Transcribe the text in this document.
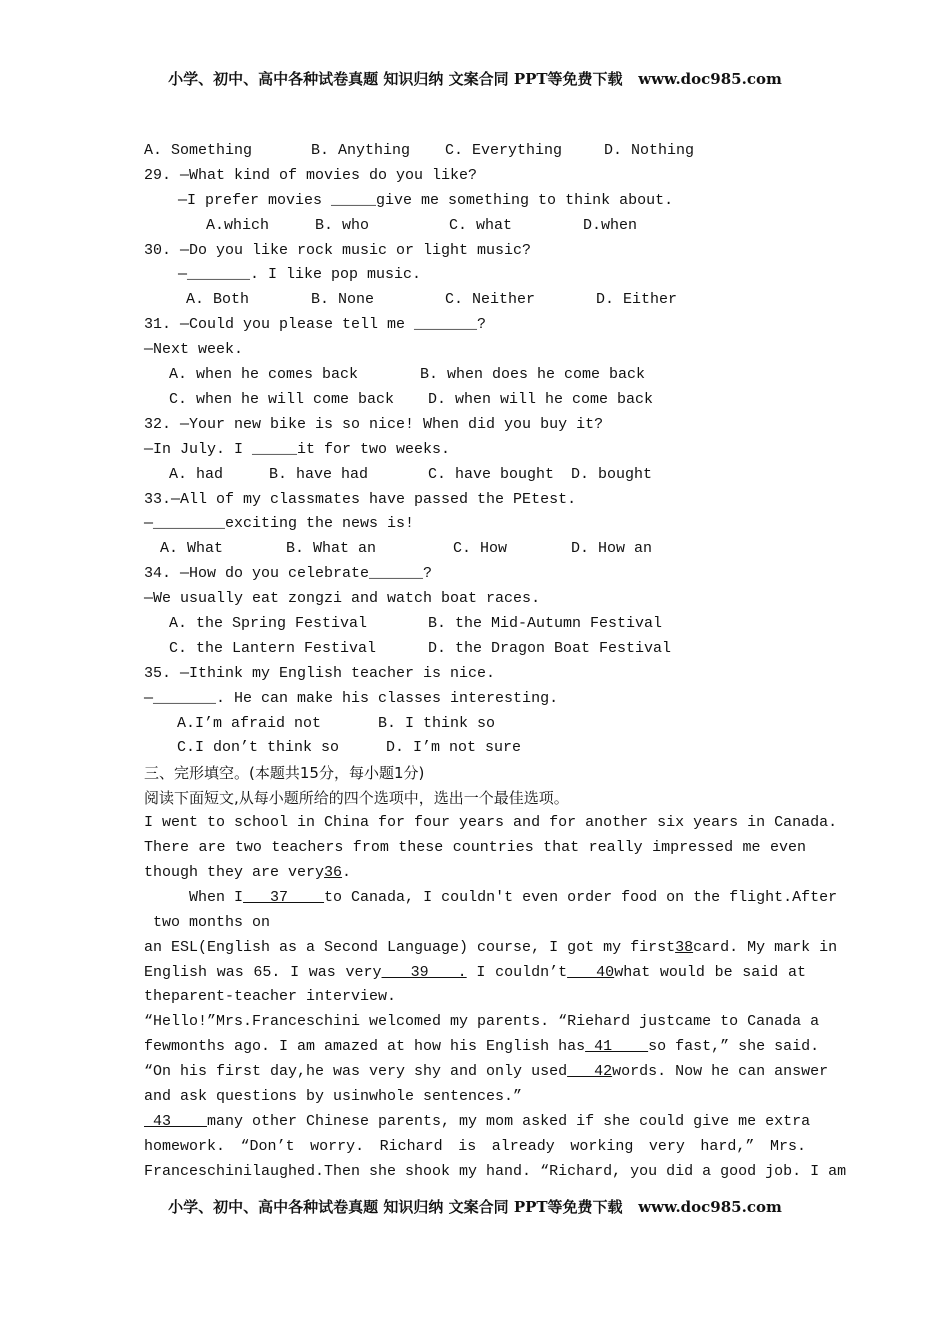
小学、初中、高中各种试卷真题 知识归纳 文案合同 PPT等免费下载   www.doc985.com
A. Something	B. Anything C. Everything	D. Nothing
29. —What kind of movies do you like?
—I prefer movies _____give me something to think about.
A.which	B. who	C. what	D.when
30. —Do you like rock music or light music?
—_______. I like pop music.
A. Both	B. None	C. Neither	D. Either
31. —Could you please tell me _______?
—Next week.
A. when he comes back	B. when does he come back
C. when he will come back D. when will he come back
32. —Your new bike is so nice! When did you buy it?
—In July. I _____it for two weeks.
A. had	B. have had	C. have bought D. bought
33.—All of my classmates have passed the PEtest.
—________exciting the news is!
A. What	B. What an	C. How	D. How an
34. —How do you celebrate______?
—We usually eat zongzi and watch boat races.
A. the Spring Festival	B. the Mid-Autumn Festival
C. the Lantern Festival	D. the Dragon Boat Festival
35. —Ithink my English teacher is nice.
—_______. He can make his classes interesting.
A.I’m afraid not	B. I think so
C.I don’t think so	D. I’m not sure
三、完形填空。(本题共15分，每小题1分)
阅读下面短文,从每小题所给的四个选项中，选出一个最佳选项。
I went to school in China for four years and for another six years in Canada.
There are two teachers from these countries that really impressed me even
though they are very36.
When I   37    to Canada, I couldn't even order food on the flight.After
two months on
an ESL(English as a Second Language) course, I got my first38card. My mark in
English was 65. I was very   39   . I couldn’t   40what would be said at
theparent-teacher interview.
“Hello!”Mrs.Franceschini welcomed my parents. “Riehard justcame to Canada a
fewmonths ago. I am amazed at how his English has 41    so fast,” she said.
“On his first day,he was very shy and only used   42words. Now he can answer
and ask questions by usinwhole sentences.”
43    many other Chinese parents, my mom asked if she could give me extra
homework. “Don’t worry. Richard is already working very hard,” Mrs.
Franceschinilaughed.Then she shook my hand. “Richard, you did a good job. I am
小学、初中、高中各种试卷真题 知识归纳 文案合同 PPT等免费下载   www.doc985.com
